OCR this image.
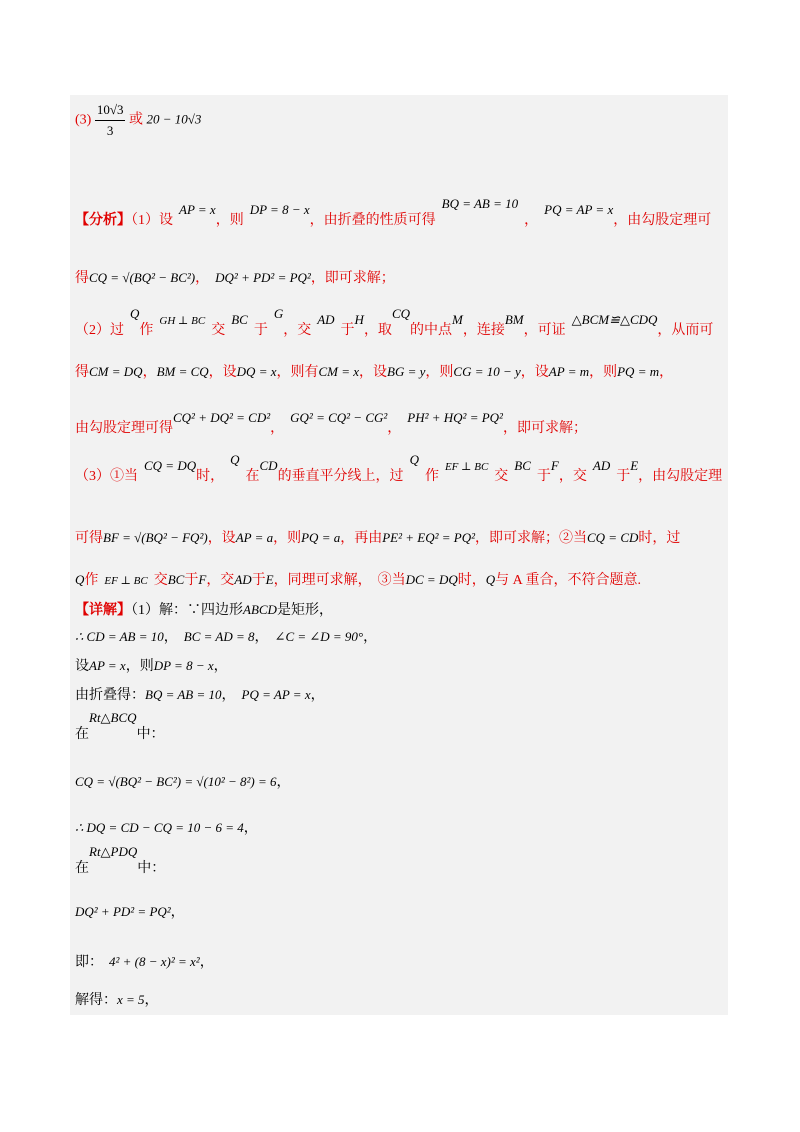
$(3) \frac{10√3}{3}$ 或 20 − 10√3
【分析】（1）设AP = x，则DP = 8 − x，由折叠的性质可得BQ = AB = 10，PQ = AP = x，由勾股定理可
得CQ = √(BQ² − BC²)， DQ² + PD² = PQ²，即可求解；
（2）过Q作$^{GH \perp BC}$交BC于G，交AD于H，取CQ的中点M，连接BM，可证△BCM≌△CDQ，从而可
得CM = DQ，BM = CQ，设DQ = x，则有CM = x，设BG = y，则CG = 10 − y，设AP = m，则PQ = m，
由勾股定理可得CQ² + DQ² = CD²，GQ² = CQ² − CG²，PH² + HQ² = PQ²，即可求解；
（3）①当CQ = DQ时，Q在CD的垂直平分线上，过Q作$^{EF \perp BC}$交BC于F，交AD于E，由勾股定理
可得BF = √(BQ² − FQ²)，设AP = a，则PQ = a，再由PE² + EQ² = PQ²，即可求解；②当CQ = CD时，过
Q作 EF ⊥ BC 交BC于F，交AD于E，同理可求解， ③当DC = DQ时，Q与 A 重合，不符合题意.
【详解】（1）解：∵四边形ABCD是矩形，
∴ CD = AB = 10， BC = AD = 8， ∠C = ∠D = 90°，
设AP = x，则DP = 8 − x，
由折叠得：BQ = AB = 10， PQ = AP = x，
在Rt△BCQ中：
CQ = √(BQ² − BC²) = √(10² − 8²) = 6，
∴ DQ = CD − CQ = 10 − 6 = 4，
在Rt△PDQ中：
DQ² + PD² = PQ²，
即： 4² + (8 − x)² = x²，
解得：x = 5，
